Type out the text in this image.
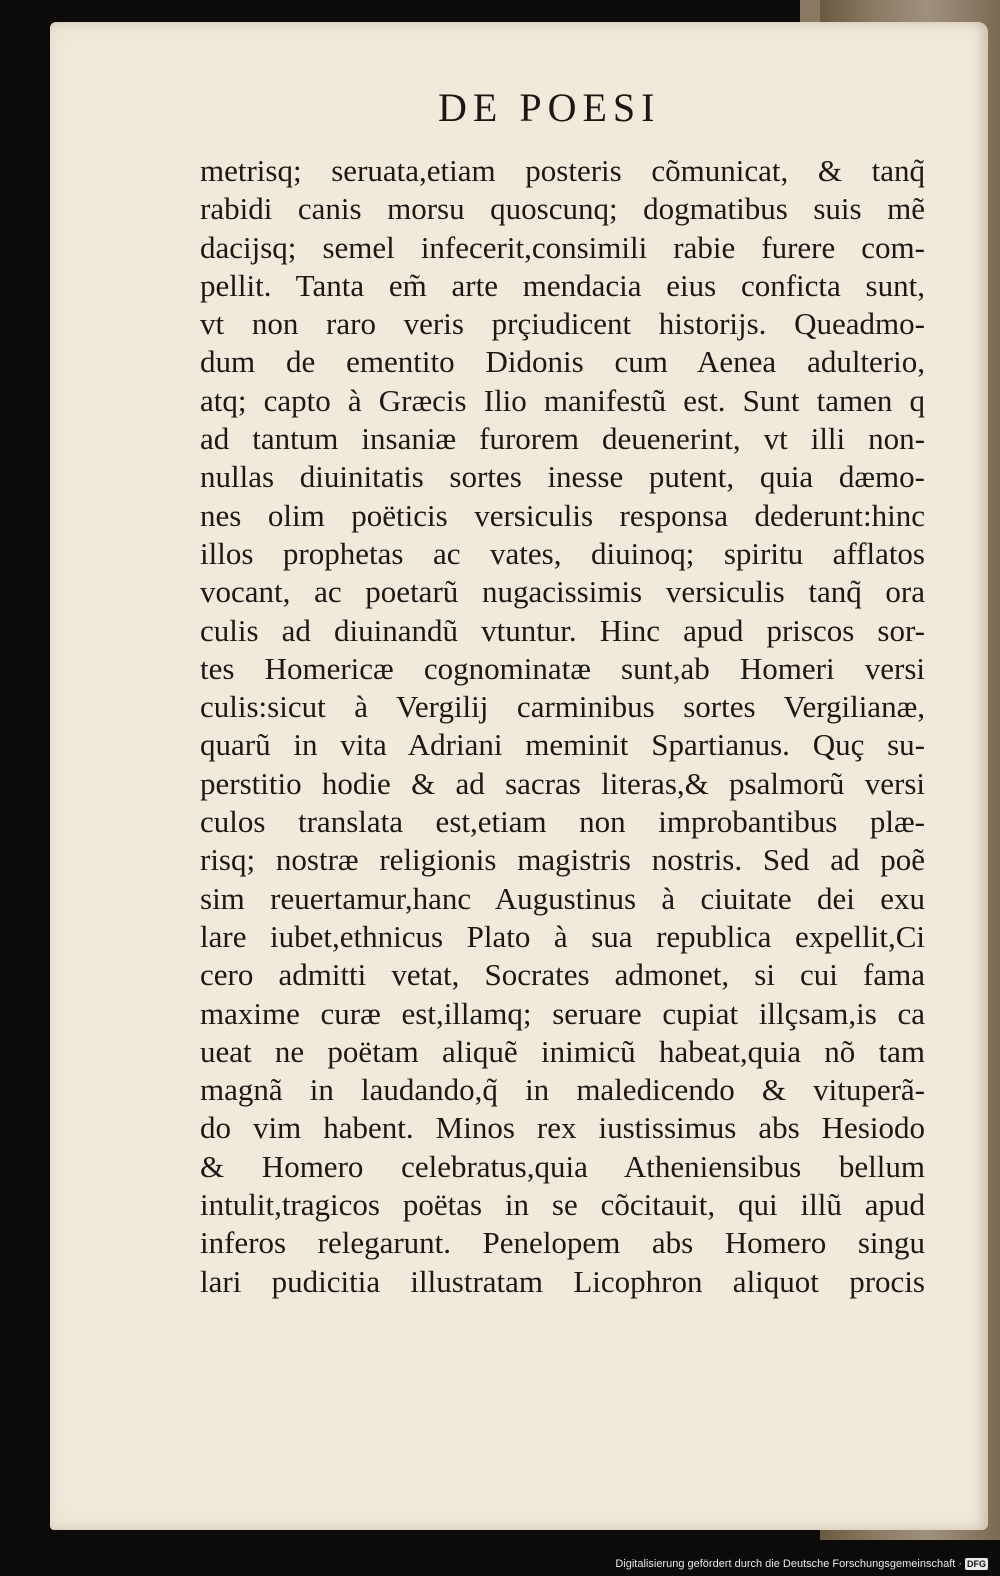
DE POESI
metrisq; seruata,etiam posteris cõmunicat, & tanq̃
rabidi canis morsu quoscunq; dogmatibus suis mẽ
dacijsq; semel infecerit,consimili rabie furere com-
pellit. Tanta em̃ arte mendacia eius conficta sunt,
vt non raro veris prçiudicent historijs. Queadmo-
dum de ementito Didonis cum Aenea adulterio,
atq; capto à Græcis Ilio manifestũ est. Sunt tamen q
ad tantum insaniæ furorem deuenerint, vt illi non-
nullas diuinitatis sortes inesse putent, quia dæmo-
nes olim poëticis versiculis responsa dederunt:hinc
illos prophetas ac vates, diuinoq; spiritu afflatos
vocant, ac poetarũ nugacissimis versiculis tanq̃ ora
culis ad diuinandũ vtuntur. Hinc apud priscos sor-
tes Homericæ cognominatæ sunt,ab Homeri versi
culis:sicut à Vergilij carminibus sortes Vergilianæ,
quarũ in vita Adriani meminit Spartianus. Quç su-
perstitio hodie & ad sacras literas,& psalmorũ versi
culos translata est,etiam non improbantibus plæ-
risq; nostræ religionis magistris nostris. Sed ad poẽ
sim reuertamur,hanc Augustinus à ciuitate dei exu
lare iubet,ethnicus Plato à sua republica expellit,Ci
cero admitti vetat, Socrates admonet, si cui fama
maxime curæ est,illamq; seruare cupiat illçsam,is ca
ueat ne poëtam aliquẽ inimicũ habeat,quia nõ tam
magnã in laudando,q̃ in maledicendo & vituperã-
do vim habent. Minos rex iustissimus abs Hesiodo
& Homero celebratus,quia Atheniensibus bellum
intulit,tragicos poëtas in se cõcitauit, qui illũ apud
inferos relegarunt. Penelopem abs Homero singu
lari pudicitia illustratam Licophron aliquot procis
Digitalisierung gefördert durch die Deutsche Forschungsgemeinschaft · DFG
